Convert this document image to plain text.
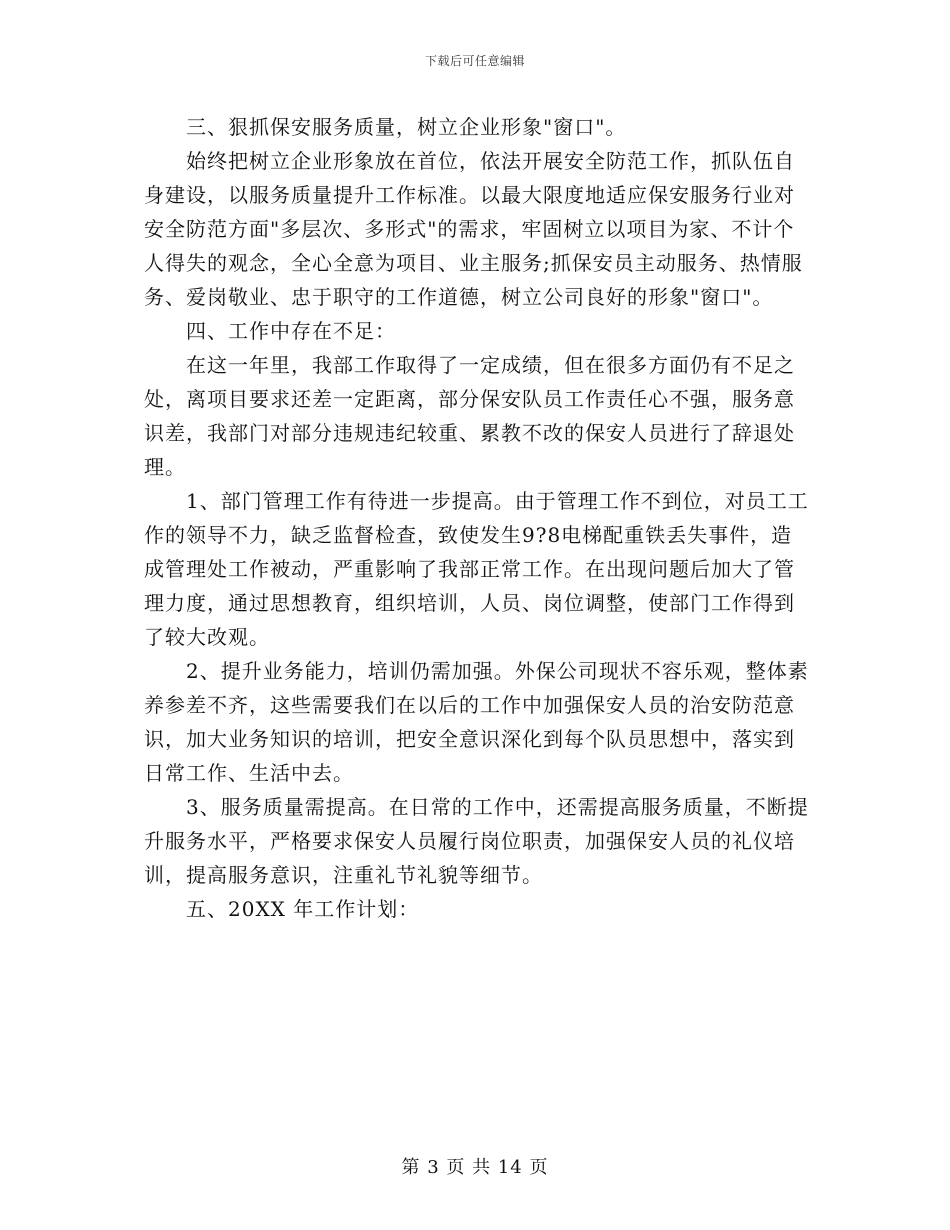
下载后可任意编辑

三、狠抓保安服务质量，树立企业形象"窗口"。

始终把树立企业形象放在首位，依法开展安全防范工作，抓队伍自身建设，以服务质量提升工作标准。以最大限度地适应保安服务行业对安全防范方面"多层次、多形式"的需求，牢固树立以项目为家、不计个人得失的观念，全心全意为项目、业主服务;抓保安员主动服务、热情服务、爱岗敬业、忠于职守的工作道德，树立公司良好的形象"窗口"。

四、工作中存在不足：

在这一年里，我部工作取得了一定成绩，但在很多方面仍有不足之处，离项目要求还差一定距离，部分保安队员工作责任心不强，服务意识差，我部门对部分违规违纪较重、累教不改的保安人员进行了辞退处理。

1、部门管理工作有待进一步提高。由于管理工作不到位，对员工工作的领导不力，缺乏监督检查，致使发生9?8电梯配重铁丢失事件，造成管理处工作被动，严重影响了我部正常工作。在出现问题后加大了管理力度，通过思想教育，组织培训，人员、岗位调整，使部门工作得到了较大改观。

2、提升业务能力，培训仍需加强。外保公司现状不容乐观，整体素养参差不齐，这些需要我们在以后的工作中加强保安人员的治安防范意识，加大业务知识的培训，把安全意识深化到每个队员思想中，落实到日常工作、生活中去。

3、服务质量需提高。在日常的工作中，还需提高服务质量，不断提升服务水平，严格要求保安人员履行岗位职责，加强保安人员的礼仪培训，提高服务意识，注重礼节礼貌等细节。

五、20XX 年工作计划：

第 3 页 共 14 页
